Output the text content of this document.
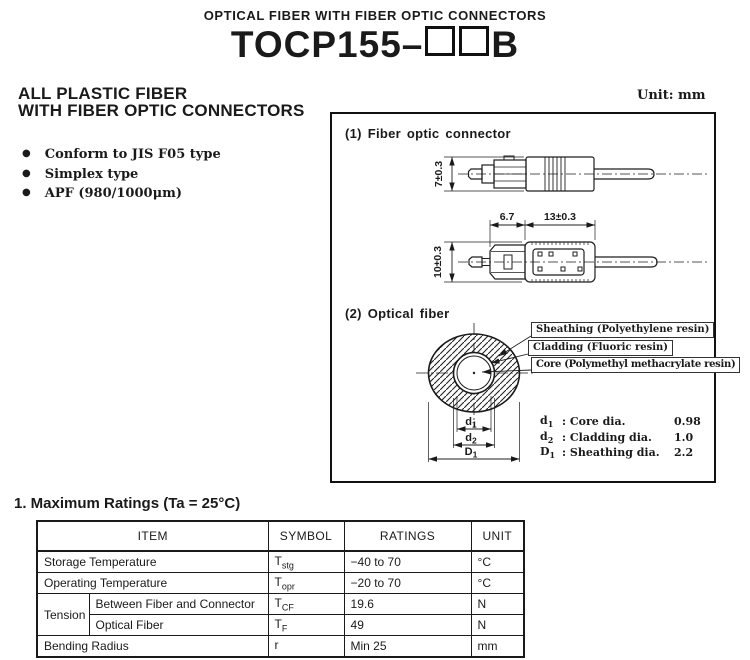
OPTICAL FIBER WITH FIBER OPTIC CONNECTORS
TOCP155– B
ALL PLASTIC FIBER
WITH FIBER OPTIC CONNECTORS
● Conform to JIS F05 type
● Simplex type
● APF (980/1000μm)
Unit: mm
7±0.3
10±0.3
6.7	13±0.3
$d_1$
$d_2$
$D_1$
(1) Fiber optic connector
(2) Optical fiber
Sheathing (Polyethylene resin)
Cladding (Fluoric resin)
Core (Polymethyl methacrylate resin)
$d_1$ : Core dia.	0.98
$d_2$ : Cladding dia.	1.0
$D_1$ : Sheathing dia.	2.2
1. Maximum Ratings (Ta = 25°C)
ITEM		SYMBOL	RATINGS	UNIT
Storage Temperature		$T_{stg}$	−40 to 70	°C
Operating Temperature		$T_{opr}$	−20 to 70	°C
Tension	Between Fiber and Connector	$T_{CF}$	19.6	N
	Optical Fiber	$T_F$	49	N
Bending Radius		r	Min 25	mm
